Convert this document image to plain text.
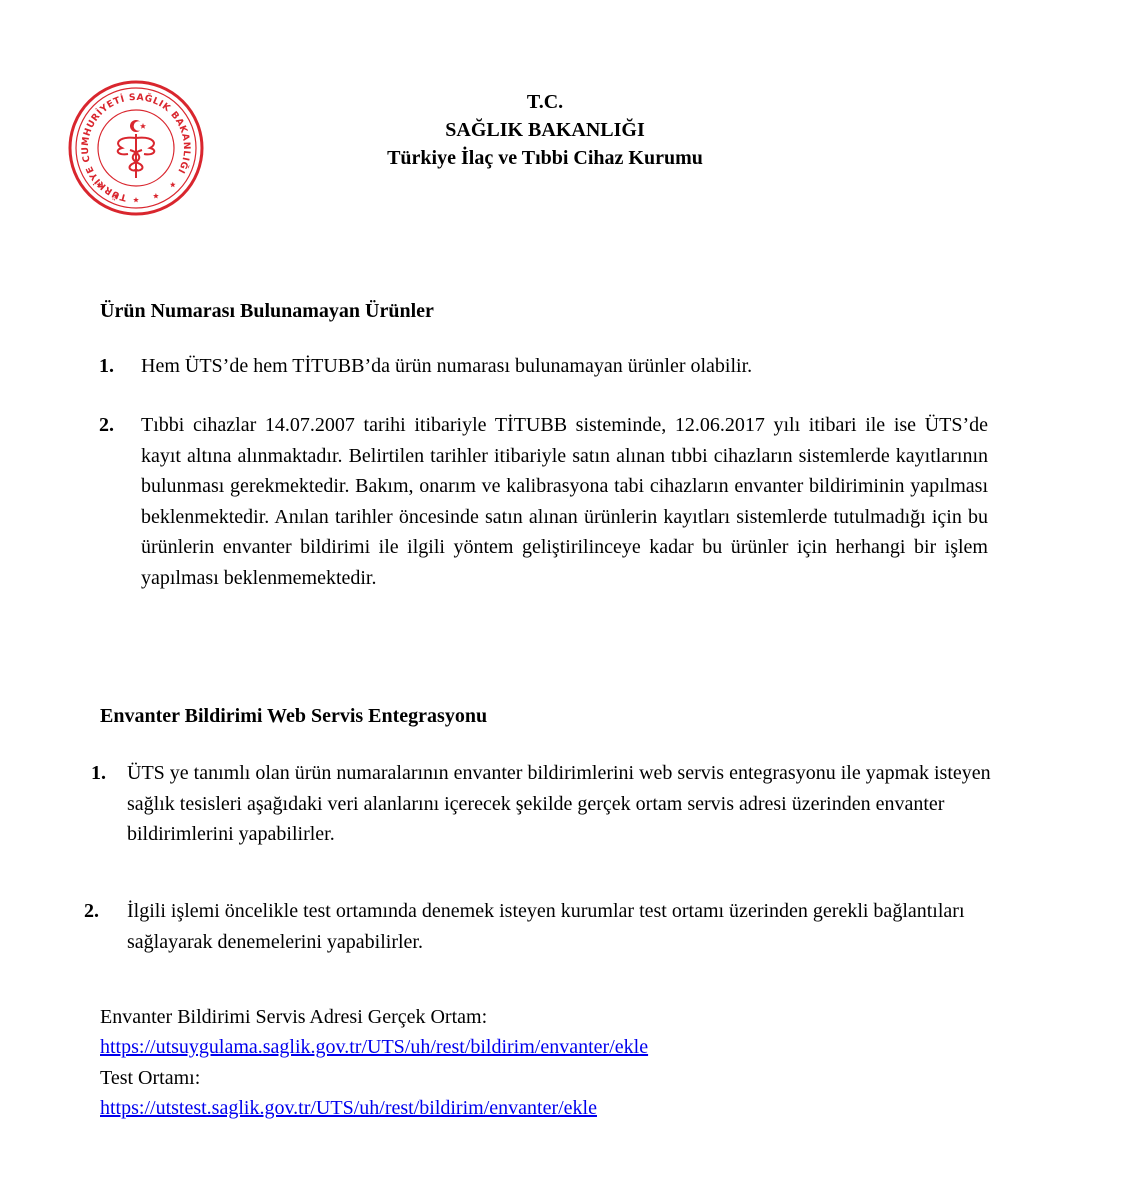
TÜRKİYE CUMHURİYETİ SAĞLIK BAKANLIĞI
T.C.
SAĞLIK BAKANLIĞI
Türkiye İlaç ve Tıbbi Cihaz Kurumu
Ürün Numarası Bulunamayan Ürünler
1. Hem ÜTS’de hem TİTUBB’da ürün numarası bulunamayan ürünler olabilir.
2. Tıbbi cihazlar 14.07.2007 tarihi itibariyle TİTUBB sisteminde, 12.06.2017 yılı itibari ile ise ÜTS’de kayıt altına alınmaktadır. Belirtilen tarihler itibariyle satın alınan tıbbi cihazların sistemlerde kayıtlarının bulunması gerekmektedir. Bakım, onarım ve kalibrasyona tabi cihazların envanter bildiriminin yapılması beklenmektedir. Anılan tarihler öncesinde satın alınan ürünlerin kayıtları sistemlerde tutulmadığı için bu ürünlerin envanter bildirimi ile ilgili yöntem geliştirilinceye kadar bu ürünler için herhangi bir işlem yapılması beklenmemektedir.
Envanter Bildirimi Web Servis Entegrasyonu
1. ÜTS ye tanımlı olan ürün numaralarının envanter bildirimlerini web servis entegrasyonu ile yapmak isteyen sağlık tesisleri aşağıdaki veri alanlarını içerecek şekilde gerçek ortam servis adresi üzerinden envanter bildirimlerini yapabilirler.
2. İlgili işlemi öncelikle test ortamında denemek isteyen kurumlar test ortamı üzerinden gerekli bağlantıları sağlayarak denemelerini yapabilirler.
Envanter Bildirimi Servis Adresi Gerçek Ortam:
https://utsuygulama.saglik.gov.tr/UTS/uh/rest/bildirim/envanter/ekle
Test Ortamı:
https://utstest.saglik.gov.tr/UTS/uh/rest/bildirim/envanter/ekle
